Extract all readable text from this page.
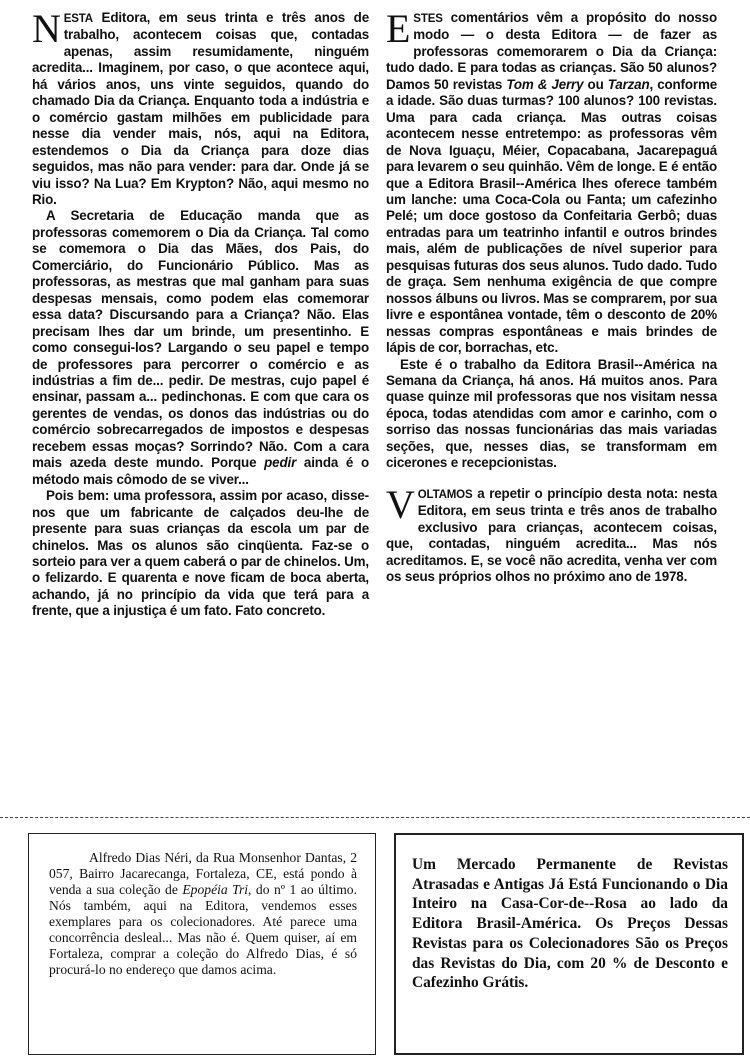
NESTA Editora, em seus trinta e três anos de trabalho, acontecem coisas que, contadas apenas, assim resumidamente, ninguém acredita... Imaginem, por caso, o que acontece aqui, há vários anos, uns vinte seguidos, quando do chamado Dia da Criança. Enquanto toda a indústria e o comércio gastam milhões em publicidade para nesse dia vender mais, nós, aqui na Editora, estendemos o Dia da Criança para doze dias seguidos, mas não para vender: para dar. Onde já se viu isso? Na Lua? Em Krypton? Não, aqui mesmo no Rio.

A Secretaria de Educação manda que as professoras comemorem o Dia da Criança. Tal como se comemora o Dia das Mães, dos Pais, do Comerciário, do Funcionário Público. Mas as professoras, as mestras que mal ganham para suas despesas mensais, como podem elas comemorar essa data? Discursando para a Criança? Não. Elas precisam lhes dar um brinde, um presentinho. E como consegui-los? Largando o seu papel e tempo de professores para percorrer o comércio e as indústrias a fim de... pedir. De mestras, cujo papel é ensinar, passam a... pedinchonas. E com que cara os gerentes de vendas, os donos das indústrias ou do comércio sobrecarregados de impostos e despesas recebem essas moças? Sorrindo? Não. Com a cara mais azeda deste mundo. Porque pedir ainda é o método mais cômodo de se viver...

Pois bem: uma professora, assim por acaso, disse-nos que um fabricante de calçados deu-lhe de presente para suas crianças da escola um par de chinelos. Mas os alunos são cinqüenta. Faz-se o sorteio para ver a quem caberá o par de chinelos. Um, o felizardo. E quarenta e nove ficam de boca aberta, achando, já no princípio da vida que terá para a frente, que a injustiça é um fato. Fato concreto.

ESTES comentários vêm a propósito do nosso modo — o desta Editora — de fazer as professoras comemorarem o Dia da Criança: tudo dado. E para todas as crianças. São 50 alunos? Damos 50 revistas Tom & Jerry ou Tarzan, conforme a idade. São duas turmas? 100 alunos? 100 revistas. Uma para cada criança. Mas outras coisas acontecem nesse entretempo: as professoras vêm de Nova Iguaçu, Méier, Copacabana, Jacarepaguá para levarem o seu quinhão. Vêm de longe. E é então que a Editora Brasil--América lhes oferece também um lanche: uma Coca-Cola ou Fanta; um cafezinho Pelé; um doce gostoso da Confeitaria Gerbô; duas entradas para um teatrinho infantil e outros brindes mais, além de publicações de nível superior para pesquisas futuras dos seus alunos. Tudo dado. Tudo de graça. Sem nenhuma exigência de que compre nossos álbuns ou livros. Mas se comprarem, por sua livre e espontânea vontade, têm o desconto de 20% nessas compras espontâneas e mais brindes de lápis de cor, borrachas, etc.

Este é o trabalho da Editora Brasil--América na Semana da Criança, há anos. Há muitos anos. Para quase quinze mil professoras que nos visitam nessa época, todas atendidas com amor e carinho, com o sorriso das nossas funcionárias das mais variadas seções, que, nesses dias, se transformam em cicerones e recepcionistas.

VOLTAMOS a repetir o princípio desta nota: nesta Editora, em seus trinta e três anos de trabalho exclusivo para crianças, acontecem coisas, que, contadas, ninguém acredita... Mas nós acreditamos. E, se você não acredita, venha ver com os seus próprios olhos no próximo ano de 1978.

Alfredo Dias Néri, da Rua Monsenhor Dantas, 2 057, Bairro Jacarecanga, Fortaleza, CE, está pondo à venda a sua coleção de Epopéia Tri, do nº 1 ao último. Nós também, aqui na Editora, vendemos esses exemplares para os colecionadores. Até parece uma concorrência desleal... Mas não é. Quem quiser, aí em Fortaleza, comprar a coleção do Alfredo Dias, é só procurá-lo no endereço que damos acima.

Um Mercado Permanente de Revistas Atrasadas e Antigas Já Está Funcionando o Dia Inteiro na Casa-Cor-de--Rosa ao lado da Editora Brasil-América. Os Preços Dessas Revistas para os Colecionadores São os Preços das Revistas do Dia, com 20 % de Desconto e Cafezinho Grátis.
